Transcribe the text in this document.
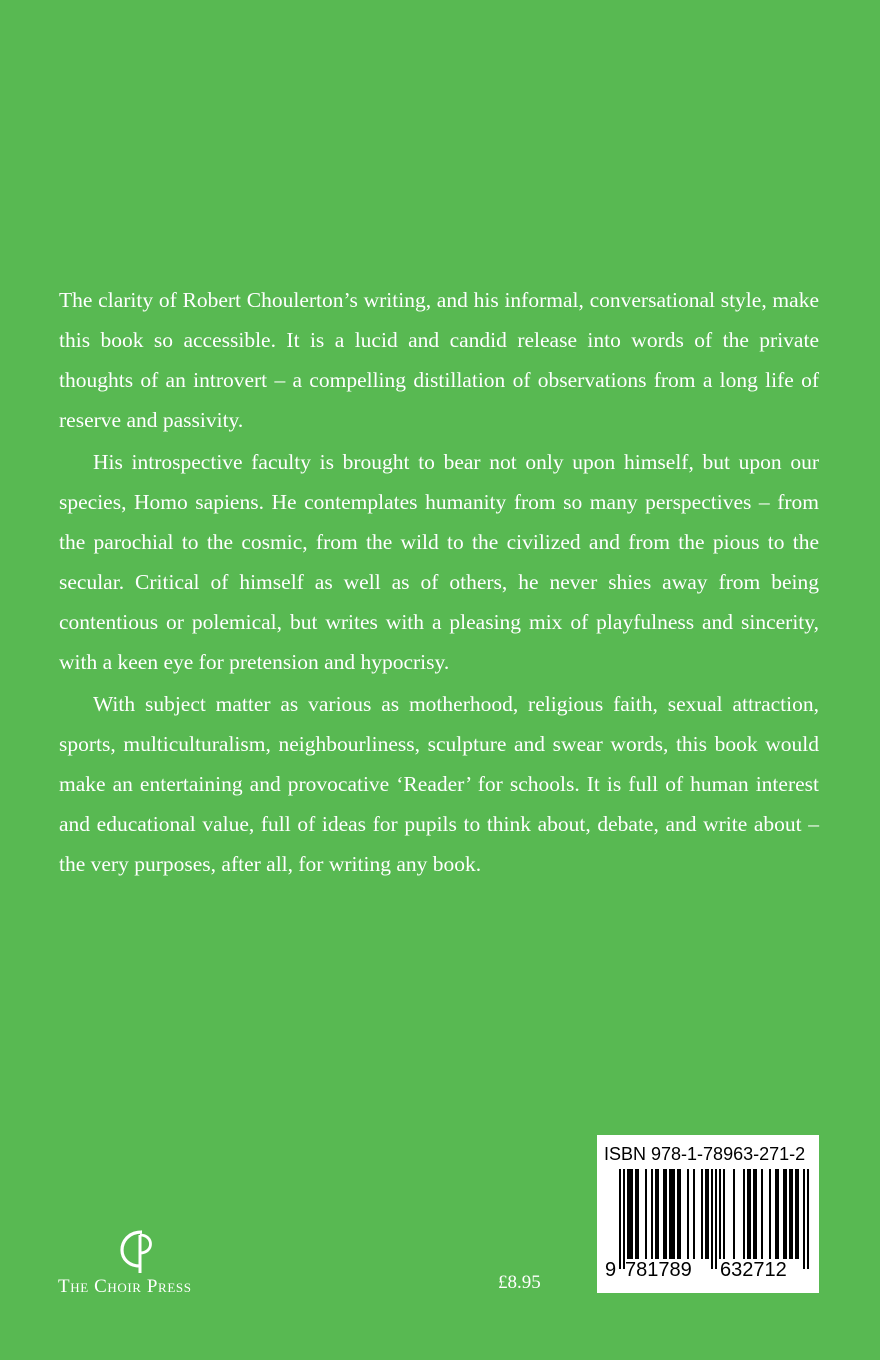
The clarity of Robert Choulerton’s writing, and his informal, conversational style, make this book so accessible. It is a lucid and candid release into words of the private thoughts of an introvert – a compelling distillation of observations from a long life of reserve and passivity.

His introspective faculty is brought to bear not only upon himself, but upon our species, Homo sapiens. He contemplates humanity from so many perspectives – from the parochial to the cosmic, from the wild to the civilized and from the pious to the secular. Critical of himself as well as of others, he never shies away from being contentious or polemical, but writes with a pleasing mix of playfulness and sincerity, with a keen eye for pretension and hypocrisy.

With subject matter as various as motherhood, religious faith, sexual attraction, sports, multiculturalism, neighbourliness, sculpture and swear words, this book would make an entertaining and provocative ‘Reader’ for schools. It is full of human interest and educational value, full of ideas for pupils to think about, debate, and write about – the very purposes, after all, for writing any book.

The Choir Press	£8.95
ISBN 978-1-78963-271-2
9 781789 632712
